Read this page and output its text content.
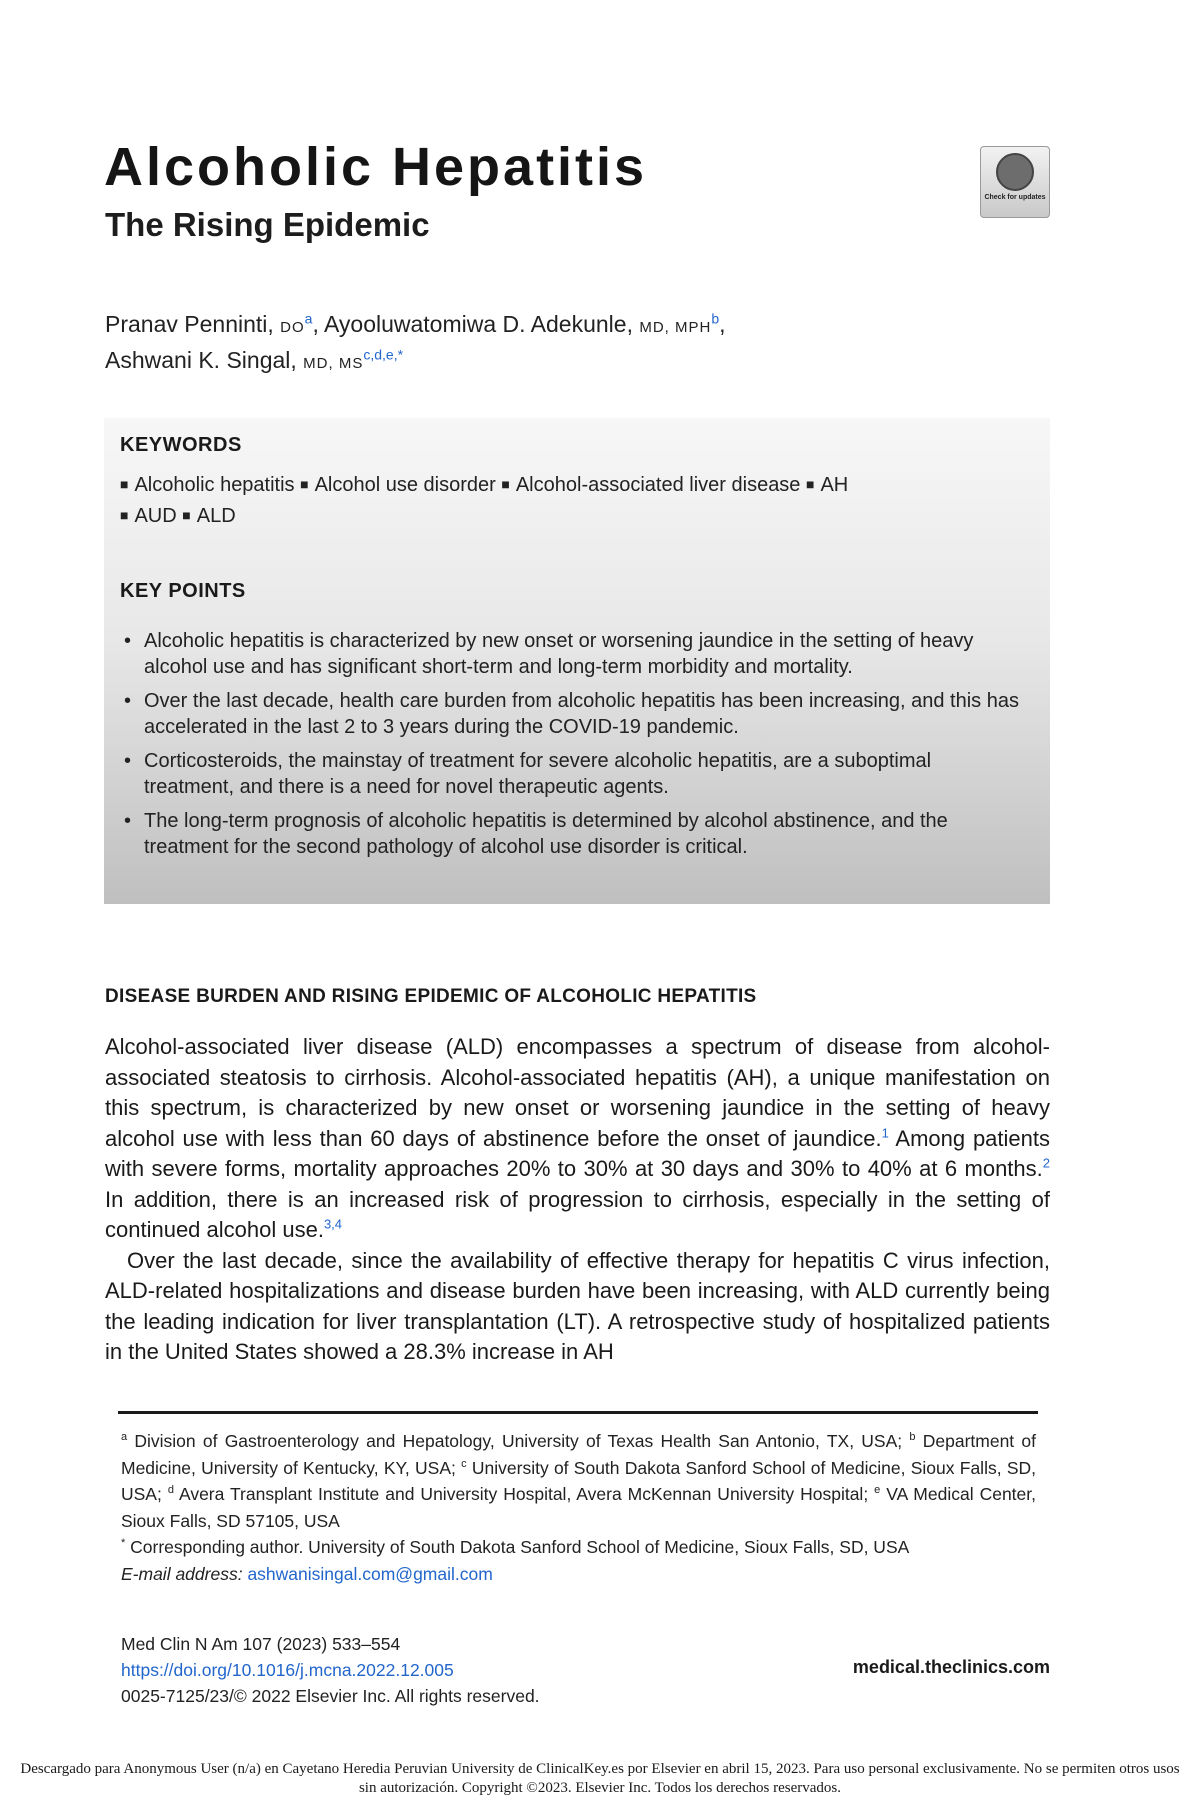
Alcoholic Hepatitis
The Rising Epidemic
Check for updates
Pranav Penninti, DO$^a$, Ayooluwatomiwa D. Adekunle, MD, MPH$^b$,
Ashwani K. Singal, MD, MS$^{c,d,e,*}$
KEYWORDS
■ Alcoholic hepatitis ■ Alcohol use disorder ■ Alcohol-associated liver disease ■ AH
■ AUD ■ ALD
KEY POINTS
• Alcoholic hepatitis is characterized by new onset or worsening jaundice in the setting of heavy alcohol use and has significant short-term and long-term morbidity and mortality.
• Over the last decade, health care burden from alcoholic hepatitis has been increasing, and this has accelerated in the last 2 to 3 years during the COVID-19 pandemic.
• Corticosteroids, the mainstay of treatment for severe alcoholic hepatitis, are a suboptimal treatment, and there is a need for novel therapeutic agents.
• The long-term prognosis of alcoholic hepatitis is determined by alcohol abstinence, and the treatment for the second pathology of alcohol use disorder is critical.
DISEASE BURDEN AND RISING EPIDEMIC OF ALCOHOLIC HEPATITIS

Alcohol-associated liver disease (ALD) encompasses a spectrum of disease from alcohol-associated steatosis to cirrhosis. Alcohol-associated hepatitis (AH), a unique manifestation on this spectrum, is characterized by new onset or worsening jaundice in the setting of heavy alcohol use with less than 60 days of abstinence before the onset of jaundice.$^1$ Among patients with severe forms, mortality approaches 20% to 30% at 30 days and 30% to 40% at 6 months.$^2$ In addition, there is an increased risk of progression to cirrhosis, especially in the setting of continued alcohol use.$^{3,4}$

Over the last decade, since the availability of effective therapy for hepatitis C virus infection, ALD-related hospitalizations and disease burden have been increasing, with ALD currently being the leading indication for liver transplantation (LT). A retrospective study of hospitalized patients in the United States showed a 28.3% increase in AH

$^a$ Division of Gastroenterology and Hepatology, University of Texas Health San Antonio, TX, USA; $^b$ Department of Medicine, University of Kentucky, KY, USA; $^c$ University of South Dakota Sanford School of Medicine, Sioux Falls, SD, USA; $^d$ Avera Transplant Institute and University Hospital, Avera McKennan University Hospital; $^e$ VA Medical Center, Sioux Falls, SD 57105, USA

* Corresponding author. University of South Dakota Sanford School of Medicine, Sioux Falls, SD, USA

E-mail address: ashwanisingal.com@gmail.com

Med Clin N Am 107 (2023) 533–554
https://doi.org/10.1016/j.mcna.2022.12.005
0025-7125/23/© 2022 Elsevier Inc. All rights reserved.
medical.theclinics.com
Descargado para Anonymous User (n/a) en Cayetano Heredia Peruvian University de ClinicalKey.es por Elsevier en abril 15, 2023. Para uso personal exclusivamente. No se permiten otros usos sin autorización. Copyright ©2023. Elsevier Inc. Todos los derechos reservados.
